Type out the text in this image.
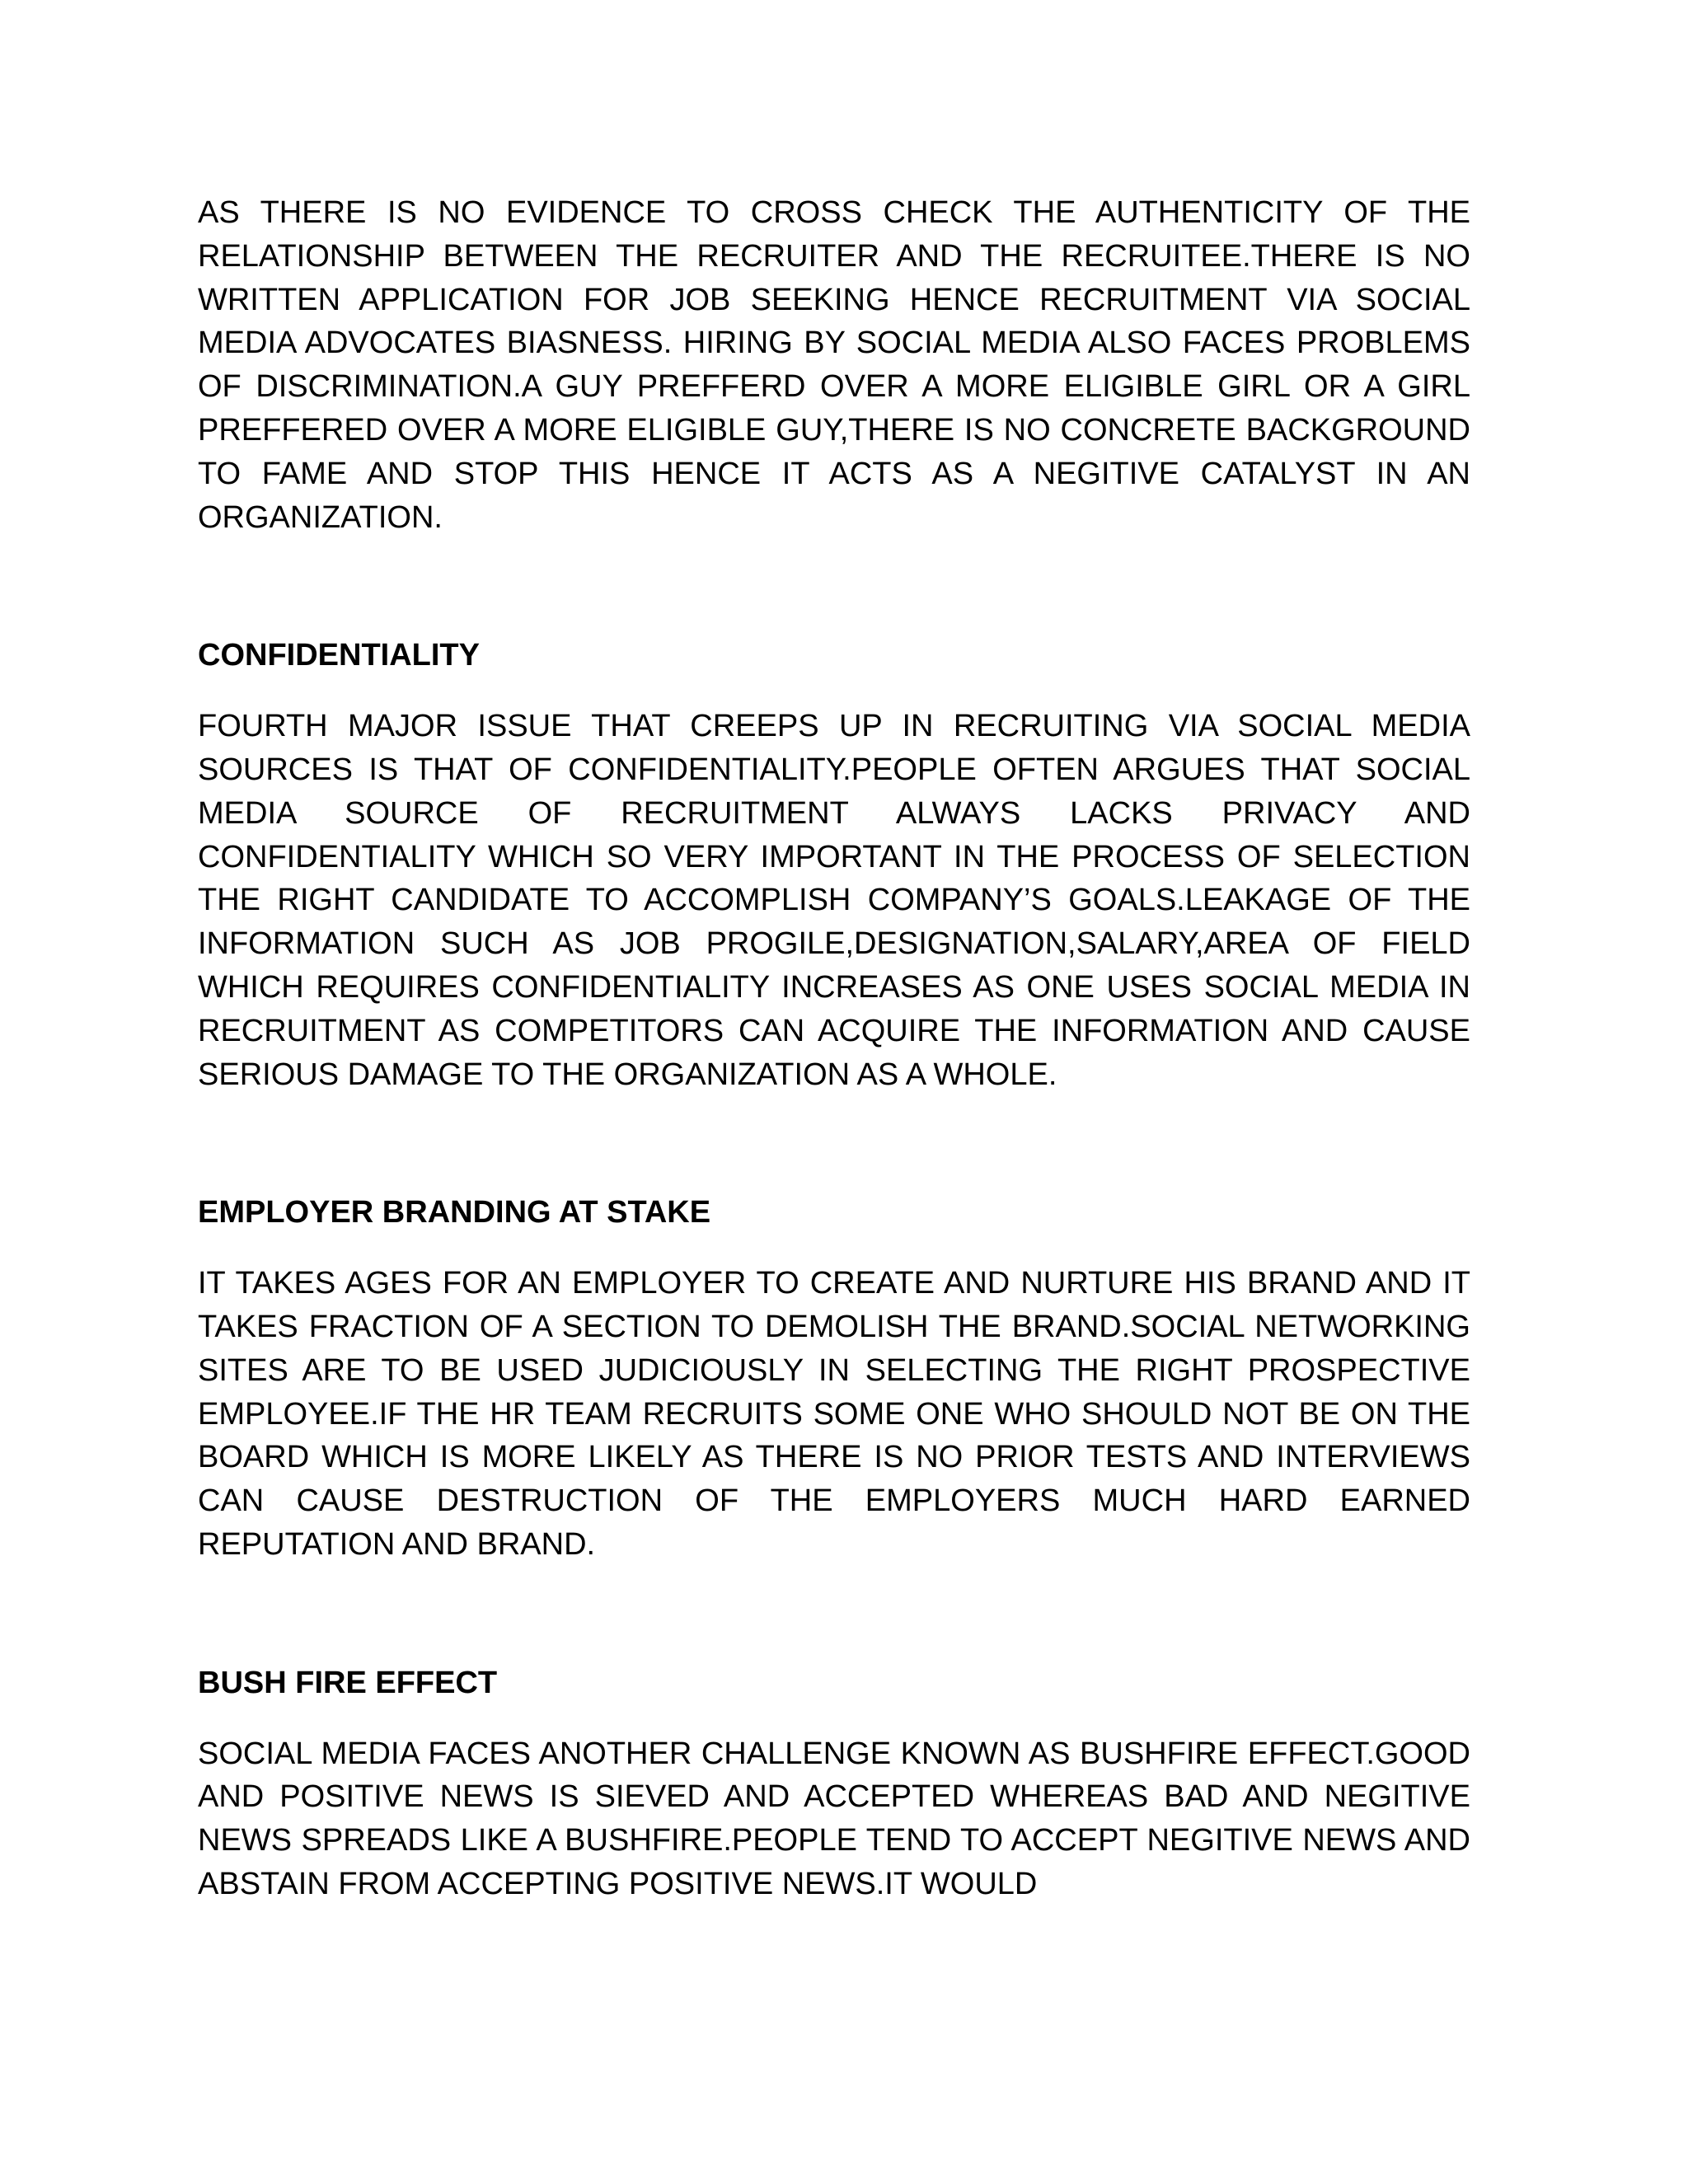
AS THERE IS NO EVIDENCE TO CROSS CHECK THE AUTHENTICITY OF THE RELATIONSHIP BETWEEN THE RECRUITER AND THE RECRUITEE.THERE IS NO WRITTEN APPLICATION FOR JOB SEEKING HENCE RECRUITMENT VIA SOCIAL MEDIA ADVOCATES BIASNESS. HIRING BY SOCIAL MEDIA ALSO FACES PROBLEMS OF DISCRIMINATION.A GUY PREFFERD OVER A MORE ELIGIBLE GIRL OR A GIRL PREFFERED OVER A MORE ELIGIBLE GUY,THERE IS NO CONCRETE BACKGROUND TO FAME AND STOP THIS HENCE IT ACTS AS A NEGITIVE CATALYST IN AN ORGANIZATION.

CONFIDENTIALITY

FOURTH MAJOR ISSUE THAT CREEPS UP IN RECRUITING VIA SOCIAL MEDIA SOURCES IS THAT OF CONFIDENTIALITY.PEOPLE OFTEN ARGUES THAT SOCIAL MEDIA SOURCE OF RECRUITMENT ALWAYS LACKS PRIVACY AND CONFIDENTIALITY WHICH SO VERY IMPORTANT IN THE PROCESS OF SELECTION THE RIGHT CANDIDATE TO ACCOMPLISH COMPANY’S GOALS.LEAKAGE OF THE INFORMATION SUCH AS JOB PROGILE,DESIGNATION,SALARY,AREA OF FIELD WHICH REQUIRES CONFIDENTIALITY INCREASES AS ONE USES SOCIAL MEDIA IN RECRUITMENT AS COMPETITORS CAN ACQUIRE THE INFORMATION AND CAUSE SERIOUS DAMAGE TO THE ORGANIZATION AS A WHOLE.

EMPLOYER BRANDING AT STAKE

IT TAKES AGES FOR AN EMPLOYER TO CREATE AND NURTURE HIS BRAND AND IT TAKES FRACTION OF A SECTION TO DEMOLISH THE BRAND.SOCIAL NETWORKING SITES ARE TO BE USED JUDICIOUSLY IN SELECTING THE RIGHT PROSPECTIVE EMPLOYEE.IF THE HR TEAM RECRUITS SOME ONE WHO SHOULD NOT BE ON THE BOARD WHICH IS MORE LIKELY AS THERE IS NO PRIOR TESTS AND INTERVIEWS CAN CAUSE DESTRUCTION OF THE EMPLOYERS MUCH HARD EARNED REPUTATION AND BRAND.

BUSH FIRE EFFECT

SOCIAL MEDIA FACES ANOTHER CHALLENGE KNOWN AS BUSHFIRE EFFECT.GOOD AND POSITIVE NEWS IS SIEVED AND ACCEPTED WHEREAS BAD AND NEGITIVE NEWS SPREADS LIKE A BUSHFIRE.PEOPLE TEND TO ACCEPT NEGITIVE NEWS AND ABSTAIN FROM ACCEPTING POSITIVE NEWS.IT WOULD
